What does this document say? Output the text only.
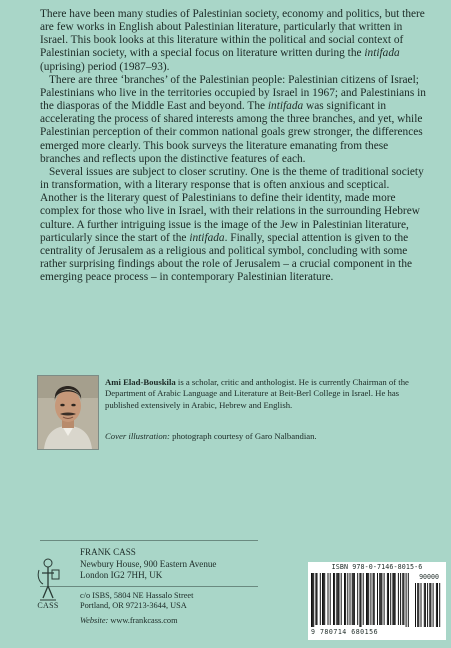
There have been many studies of Palestinian society, economy and politics, but there are few works in English about Palestinian literature, particularly that written in Israel. This book looks at this literature within the political and social context of Palestinian society, with a special focus on literature written during the intifada (uprising) period (1987–93).

There are three ‘branches’ of the Palestinian people: Palestinian citizens of Israel; Palestinians who live in the territories occupied by Israel in 1967; and Palestinians in the diasporas of the Middle East and beyond. The intifada was significant in accelerating the process of shared interests among the three branches, and yet, while Palestinian perception of their common national goals grew stronger, the differences emerged more clearly. This book surveys the literature emanating from these branches and reflects upon the distinctive features of each.

Several issues are subject to closer scrutiny. One is the theme of traditional society in transformation, with a literary response that is often anxious and sceptical. Another is the literary quest of Palestinians to define their identity, made more complex for those who live in Israel, with their relations in the surrounding Hebrew culture. A further intriguing issue is the image of the Jew in Palestinian literature, particularly since the start of the intifada. Finally, special attention is given to the centrality of Jerusalem as a religious and political symbol, concluding with some rather surprising findings about the role of Jerusalem – a crucial component in the emerging peace process – in contemporary Palestinian literature.

Ami Elad-Bouskila is a scholar, critic and anthologist. He is currently Chairman of the Department of Arabic Language and Literature at Beit-Berl College in Israel. He has published extensively in Arabic, Hebrew and English.
Cover illustration: photograph courtesy of Garo Nalbandian.
CASS
FRANK CASS
Newbury House, 900 Eastern Avenue
London IG2 7HH, UK
c/o ISBS, 5804 NE Hassalo Street
Portland, OR 97213-3644, USA
Website: www.frankcass.com
ISBN 978-0-7146-8015-6
9 780714 680156
90000
